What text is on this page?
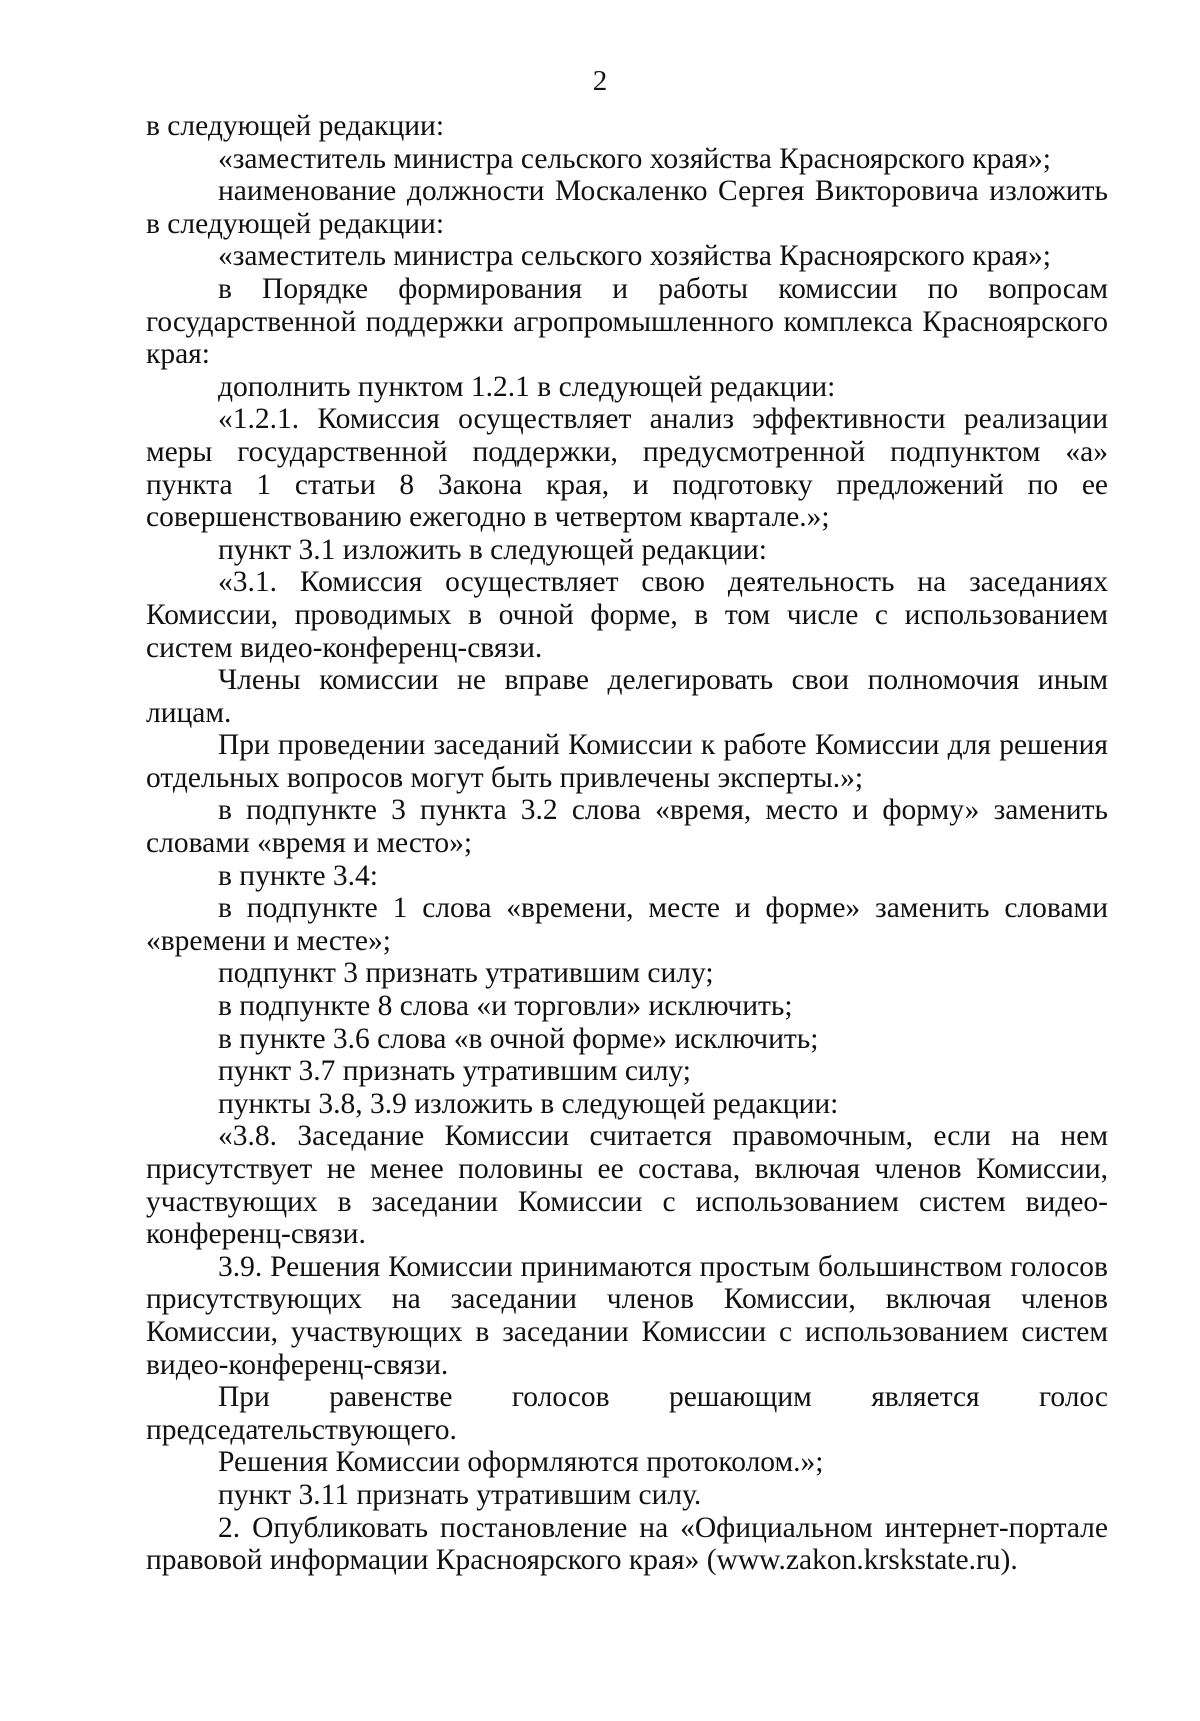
2

в следующей редакции:

«заместитель министра сельского хозяйства Красноярского края»;

наименование должности Москаленко Сергея Викторовича изложить в следующей редакции:

«заместитель министра сельского хозяйства Красноярского края»;

в Порядке формирования и работы комиссии по вопросам государственной поддержки агропромышленного комплекса Красноярского края:

дополнить пунктом 1.2.1 в следующей редакции:

«1.2.1. Комиссия осуществляет анализ эффективности реализации меры государственной поддержки, предусмотренной подпунктом «а» пункта 1 статьи 8 Закона края, и подготовку предложений по ее совершенствованию ежегодно в четвертом квартале.»;

пункт 3.1 изложить в следующей редакции:

«3.1. Комиссия осуществляет свою деятельность на заседаниях Комиссии, проводимых в очной форме, в том числе с использованием систем видео-конференц-связи.

Члены комиссии не вправе делегировать свои полномочия иным лицам.

При проведении заседаний Комиссии к работе Комиссии для решения отдельных вопросов могут быть привлечены эксперты.»;

в подпункте 3 пункта 3.2 слова «время, место и форму» заменить словами «время и место»;

в пункте 3.4:

в подпункте 1 слова «времени, месте и форме» заменить словами «времени и месте»;

подпункт 3 признать утратившим силу;

в подпункте 8 слова «и торговли» исключить;

в пункте 3.6 слова «в очной форме» исключить;

пункт 3.7 признать утратившим силу;

пункты 3.8, 3.9 изложить в следующей редакции:

«3.8. Заседание Комиссии считается правомочным, если на нем присутствует не менее половины ее состава, включая членов Комиссии, участвующих в заседании Комиссии с использованием систем видео-конференц-связи.

3.9. Решения Комиссии принимаются простым большинством голосов присутствующих на заседании членов Комиссии, включая членов Комиссии, участвующих в заседании Комиссии с использованием систем видео-конференц-связи.

При равенстве голосов решающим является голос председательствующего.

Решения Комиссии оформляются протоколом.»;

пункт 3.11 признать утратившим силу.

2. Опубликовать постановление на «Официальном интернет-портале правовой информации Красноярского края» (www.zakon.krskstate.ru).
